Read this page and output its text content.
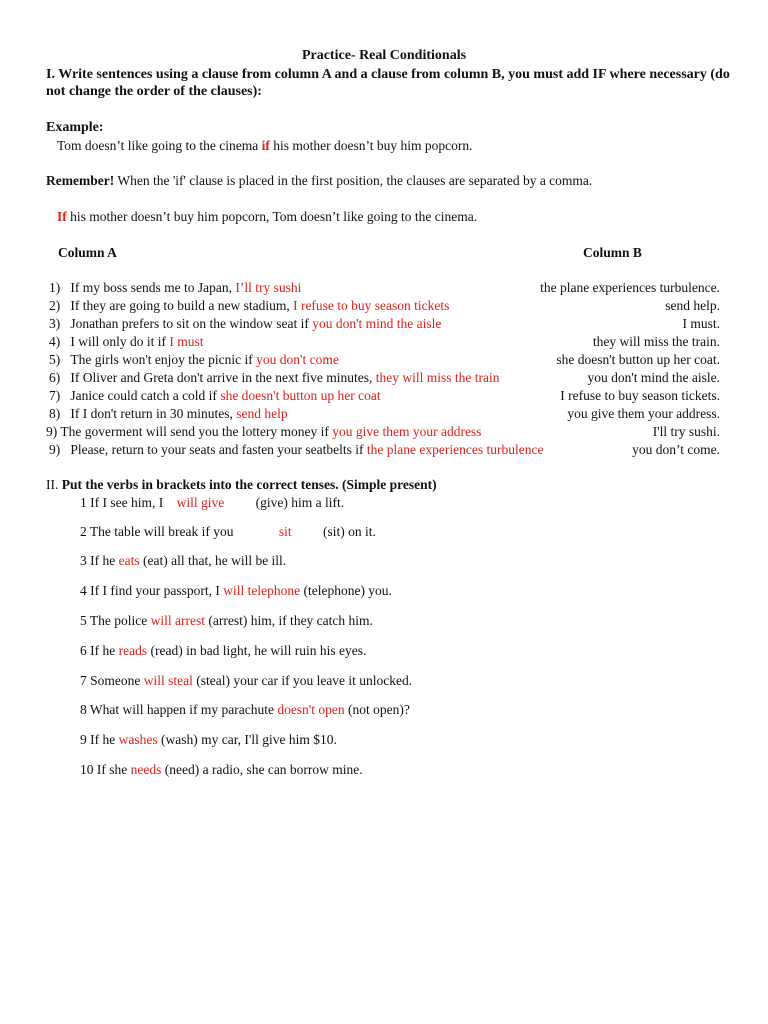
Practice- Real Conditionals
I. Write sentences using a clause from column A and a clause from column B, you must add IF where necessary (do not change the order of the clauses):
Example:
Tom doesn’t like going to the cinema if his mother doesn’t buy him popcorn.
Remember! When the 'if' clause is placed in the first position, the clauses are separated by a comma.
If his mother doesn’t buy him popcorn, Tom doesn’t like going to the cinema.
Column A	Column B
1)   If my boss sends me to Japan, I’ll try sushi	the plane experiences turbulence.
2)   If they are going to build a new stadium, I refuse to buy season tickets	send help.
3)   Jonathan prefers to sit on the window seat if you don't mind the aisle	I must.
4)   I will only do it if I must	they will miss the train.
5)   The girls won't enjoy the picnic if you don't come	she doesn't button up her coat.
6)   If Oliver and Greta don't arrive in the next five minutes, they will miss the train	you don't mind the aisle.
7)   Janice could catch a cold if she doesn't button up her coat	I refuse to buy season tickets.
8)   If I don't return in 30 minutes, send help	you give them your address.
9) The goverment will send you the lottery money if you give them your address	I'll try sushi.
9)   Please, return to your seats and fasten your seatbelts if the plane experiences turbulence	you don’t come.
II. Put the verbs in brackets into the correct tenses. (Simple present)
1 If I see him, I will give (give) him a lift.
2 The table will break if you	sit (sit) on it.
3 If he eats (eat) all that, he will be ill.
4 If I find your passport, I will telephone (telephone) you.
5 The police will arrest (arrest) him, if they catch him.
6 If he reads (read) in bad light, he will ruin his eyes.
7 Someone will steal (steal) your car if you leave it unlocked.
8 What will happen if my parachute doesn't open (not open)?
9 If he washes (wash) my car, I'll give him $10.
10 If she needs (need) a radio, she can borrow mine.
